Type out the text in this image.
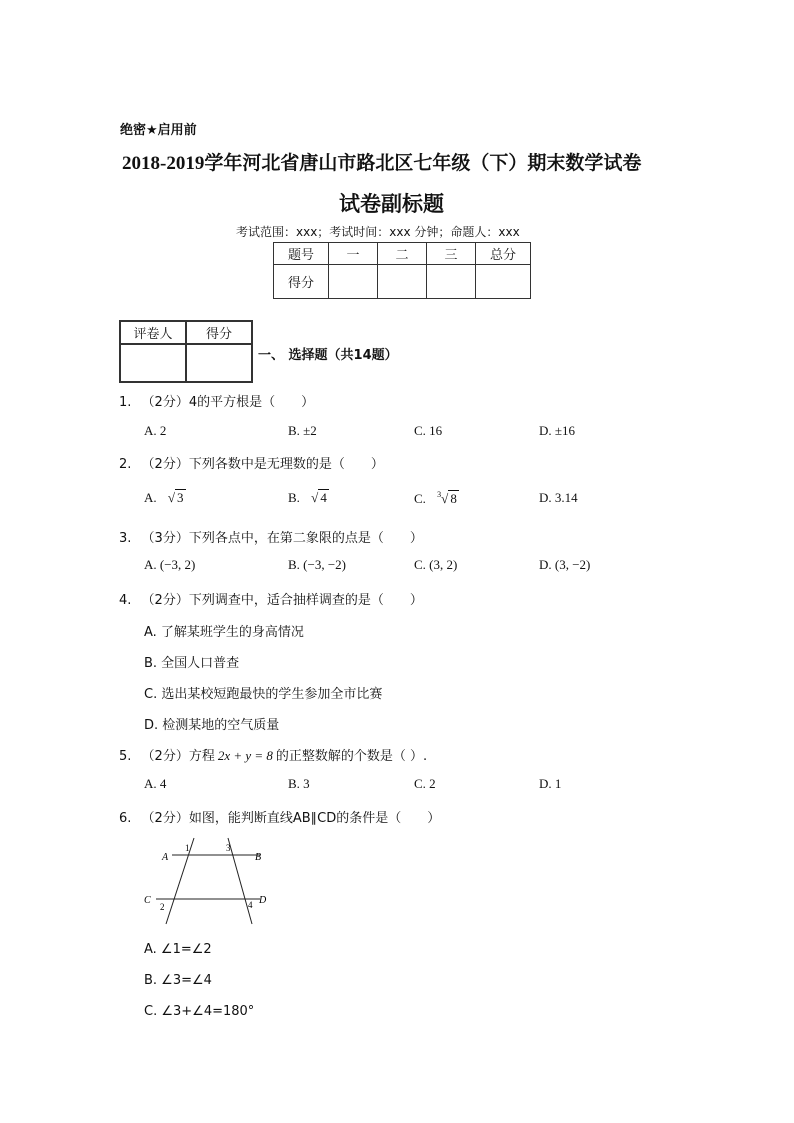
绝密★启用前
2018-2019学年河北省唐山市路北区七年级（下）期末数学试卷
试卷副标题
考试范围：xxx；考试时间：xxx 分钟；命题人：xxx
题号	一	二	三	总分
得分				
评卷人	得分

一、 选择题（共14题）
1. （2分）4的平方根是（　　）
A. 2	B. ±2	C. 16	D. ±16
2. （2分）下列各数中是无理数的是（　　）
A. √ 3	B. √ 4	C. $^3$√ 8	D. 3.14
3. （3分）下列各点中，在第二象限的点是（　　）
A. (−3, 2)	B. (−3, −2)	C. (3, 2)	D. (3, −2)
4. （2分）下列调查中，适合抽样调查的是（　　）
A. 了解某班学生的身高情况
B. 全国人口普查
C. 选出某校短跑最快的学生参加全市比赛
D. 检测某地的空气质量
5. （2分）方程 2x + y = 8 的正整数解的个数是（ ）.
A. 4	B. 3	C. 2	D. 1
6. （2分）如图，能判断直线AB∥CD的条件是（　　）
A	B
C	D
1
2
3
4
A. ∠1=∠2
B. ∠3=∠4
C. ∠3+∠4=180°
